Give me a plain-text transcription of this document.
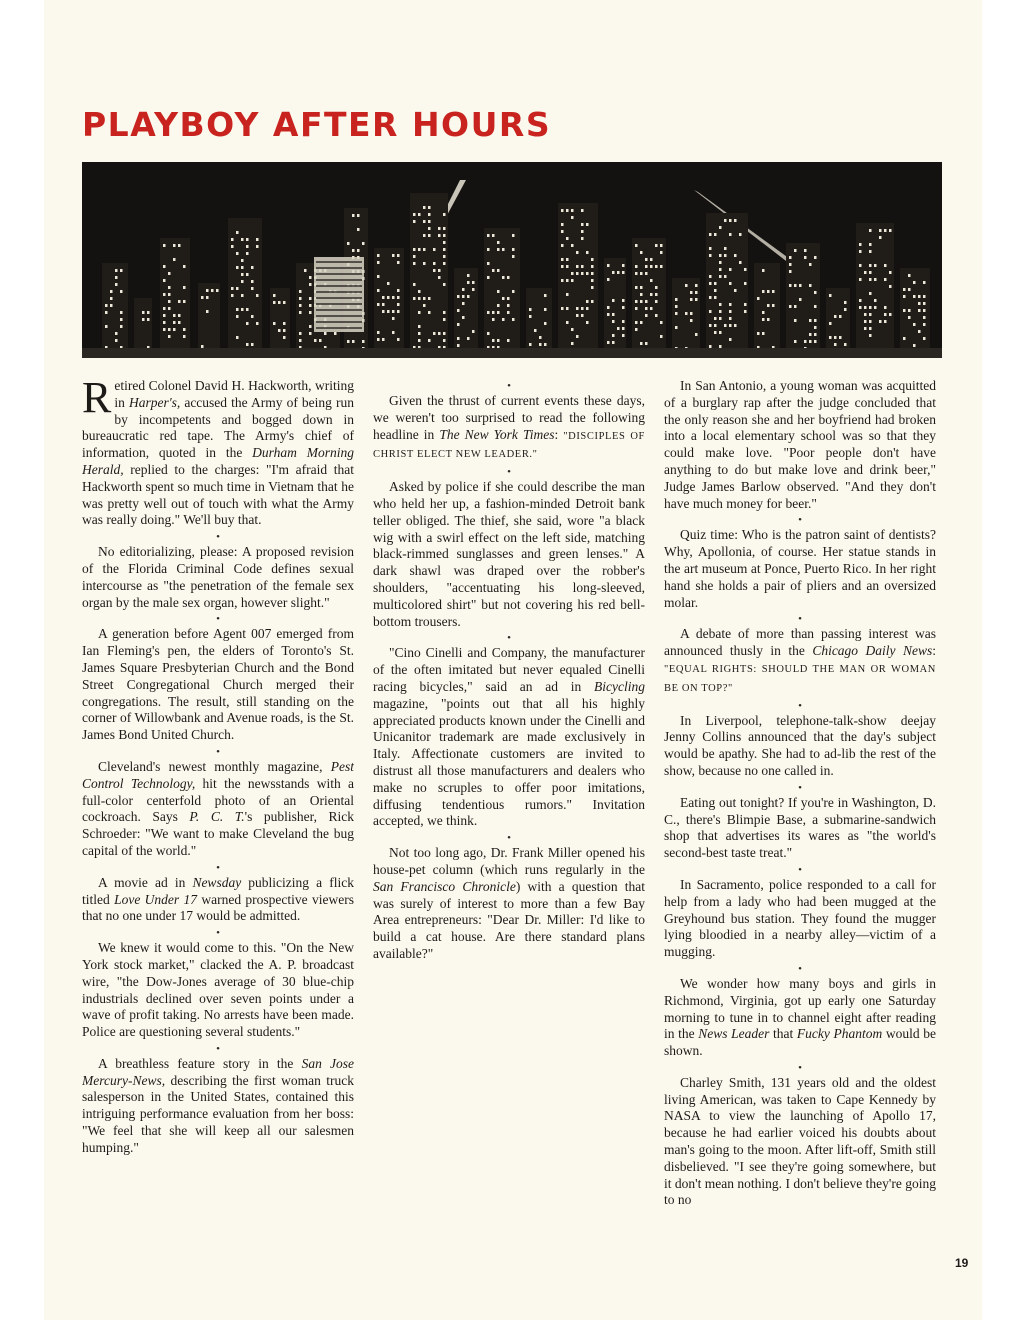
PLAYBOY AFTER HOURS

Retired Colonel David H. Hackworth, writing in Harper's, accused the Army of being run by incompetents and bogged down in bureaucratic red tape. The Army's chief of information, quoted in the Durham Morning Herald, replied to the charges: "I'm afraid that Hackworth spent so much time in Vietnam that he was pretty well out of touch with what the Army was really doing." We'll buy that.

•

No editorializing, please: A proposed revision of the Florida Criminal Code defines sexual intercourse as "the penetration of the female sex organ by the male sex organ, however slight."

•

A generation before Agent 007 emerged from Ian Fleming's pen, the elders of Toronto's St. James Square Presbyterian Church and the Bond Street Congregational Church merged their congregations. The result, still standing on the corner of Willowbank and Avenue roads, is the St. James Bond United Church.

•

Cleveland's newest monthly magazine, Pest Control Technology, hit the newsstands with a full-color centerfold photo of an Oriental cockroach. Says P. C. T.'s publisher, Rick Schroeder: "We want to make Cleveland the bug capital of the world."

•

A movie ad in Newsday publicizing a flick titled Love Under 17 warned prospective viewers that no one under 17 would be admitted.

•

We knew it would come to this. "On the New York stock market," clacked the A. P. broadcast wire, "the Dow-Jones average of 30 blue-chip industrials declined over seven points under a wave of profit taking. No arrests have been made. Police are questioning several students."

•

A breathless feature story in the San Jose Mercury-News, describing the first woman truck salesperson in the United States, contained this intriguing performance evaluation from her boss: "We feel that she will keep all our salesmen humping."

•

Given the thrust of current events these days, we weren't too surprised to read the following headline in The New York Times: "DISCIPLES OF CHRIST ELECT NEW LEADER."

•

Asked by police if she could describe the man who held her up, a fashion-minded Detroit bank teller obliged. The thief, she said, wore "a black wig with a swirl effect on the left side, matching black-rimmed sunglasses and green lenses." A dark shawl was draped over the robber's shoulders, "accentuating his long-sleeved, multicolored shirt" but not covering his red bell-bottom trousers.

•

"Cino Cinelli and Company, the manufacturer of the often imitated but never equaled Cinelli racing bicycles," said an ad in Bicycling magazine, "points out that all his highly appreciated products known under the Cinelli and Unicanitor trademark are made exclusively in Italy. Affectionate customers are invited to distrust all those manufacturers and dealers who make no scruples to offer poor imitations, diffusing tendentious rumors." Invitation accepted, we think.

•

Not too long ago, Dr. Frank Miller opened his house-pet column (which runs regularly in the San Francisco Chronicle) with a question that was surely of interest to more than a few Bay Area entrepreneurs: "Dear Dr. Miller: I'd like to build a cat house. Are there standard plans available?"

In San Antonio, a young woman was acquitted of a burglary rap after the judge concluded that the only reason she and her boyfriend had broken into a local elementary school was so that they could make love. "Poor people don't have anything to do but make love and drink beer," Judge James Barlow observed. "And they don't have much money for beer."

•

Quiz time: Who is the patron saint of dentists? Why, Apollonia, of course. Her statue stands in the art museum at Ponce, Puerto Rico. In her right hand she holds a pair of pliers and an oversized molar.

•

A debate of more than passing interest was announced thusly in the Chicago Daily News: "EQUAL RIGHTS: SHOULD THE MAN OR WOMAN BE ON TOP?"

•

In Liverpool, telephone-talk-show deejay Jenny Collins announced that the day's subject would be apathy. She had to ad-lib the rest of the show, because no one called in.

•

Eating out tonight? If you're in Washington, D. C., there's Blimpie Base, a submarine-sandwich shop that advertises its wares as "the world's second-best taste treat."

•

In Sacramento, police responded to a call for help from a lady who had been mugged at the Greyhound bus station. They found the mugger lying bloodied in a nearby alley—victim of a mugging.

•

We wonder how many boys and girls in Richmond, Virginia, got up early one Saturday morning to tune in to channel eight after reading in the News Leader that Fucky Phantom would be shown.

•

Charley Smith, 131 years old and the oldest living American, was taken to Cape Kennedy by NASA to view the launching of Apollo 17, because he had earlier voiced his doubts about man's going to the moon. After lift-off, Smith still disbelieved. "I see they're going somewhere, but it don't mean nothing. I don't believe they're going to no

19
